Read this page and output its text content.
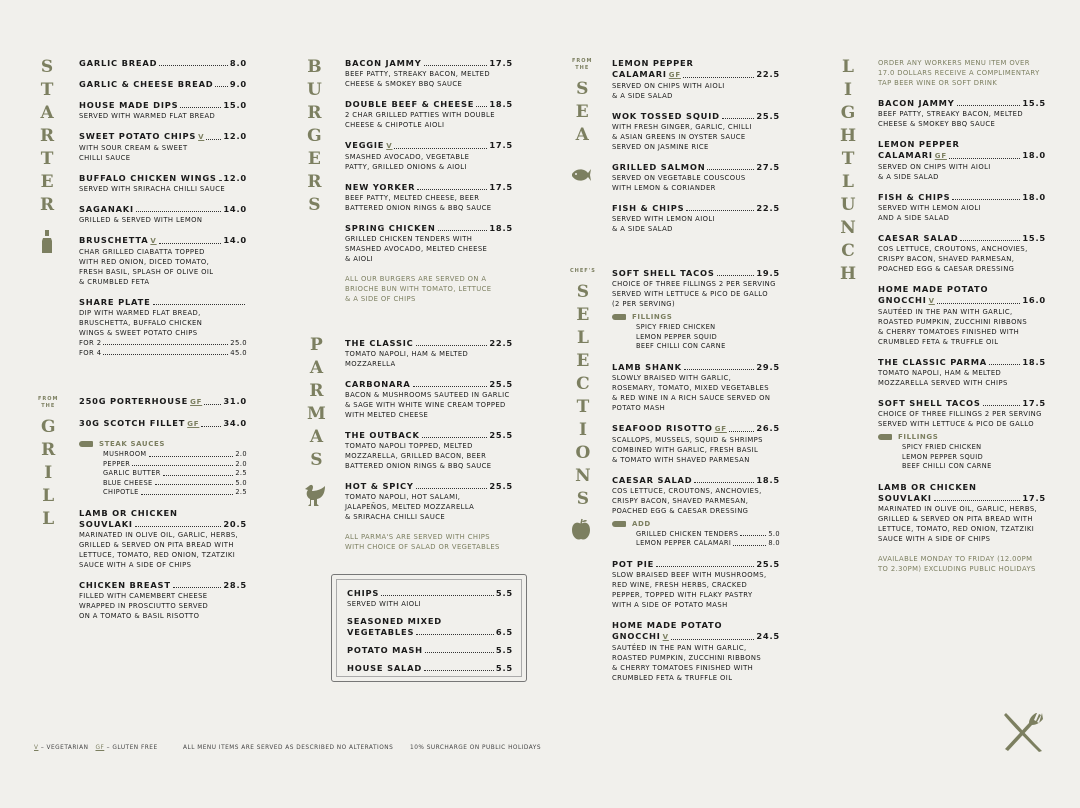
S
T
A
R
T
E
R
FROM
THE
G
R
I
L
L
B
U
R
G
E
R
S
P
A
R
M
A
S
FROM
THE
S
E
A
CHEF'S
S
E
L
E
C
T
I
O
N
S
L
I
G
H
T
L
U
N
C
H
GARLIC BREAD	8.0
GARLIC & CHEESE BREAD 9.0
HOUSE MADE DIPS	15.0
SERVED WITH WARMED FLAT BREAD
SWEET POTATO CHIPS V 12.0
WITH SOUR CREAM & SWEET
CHILLI SAUCE
BUFFALO CHICKEN WINGS 12.0
SERVED WITH SRIRACHA CHILLI SAUCE
SAGANAKI	14.0
GRILLED & SERVED WITH LEMON
BRUSCHETTA V	14.0
CHAR GRILLED CIABATTA TOPPED
WITH RED ONION, DICED TOMATO,
FRESH BASIL, SPLASH OF OLIVE OIL
& CRUMBLED FETA
SHARE PLATE
DIP WITH WARMED FLAT BREAD,
BRUSCHETTA, BUFFALO CHICKEN
WINGS & SWEET POTATO CHIPS
FOR 2	25.0
FOR 4	45.0
250G PORTERHOUSE GF	31.0
30G SCOTCH FILLET GF	34.0
STEAK SAUCES
MUSHROOM	2.0
PEPPER	2.0
GARLIC BUTTER	2.5
BLUE CHEESE	5.0
CHIPOTLE	2.5
LAMB OR CHICKEN
SOUVLAKI	20.5
MARINATED IN OLIVE OIL, GARLIC, HERBS,
GRILLED & SERVED ON PITA BREAD WITH
LETTUCE, TOMATO, RED ONION, TZATZIKI
SAUCE WITH A SIDE OF CHIPS
CHICKEN BREAST	28.5
FILLED WITH CAMEMBERT CHEESE
WRAPPED IN PROSCIUTTO SERVED
ON A TOMATO & BASIL RISOTTO
BACON JAMMY	17.5
BEEF PATTY, STREAKY BACON, MELTED
CHEESE & SMOKEY BBQ SAUCE
DOUBLE BEEF & CHEESE 18.5
2 CHAR GRILLED PATTIES WITH DOUBLE
CHEESE & CHIPOTLE AIOLI
VEGGIE V	17.5
SMASHED AVOCADO, VEGETABLE
PATTY, GRILLED ONIONS & AIOLI
NEW YORKER	17.5
BEEF PATTY, MELTED CHEESE, BEER
BATTERED ONION RINGS & BBQ SAUCE
SPRING CHICKEN	18.5
GRILLED CHICKEN TENDERS WITH
SMASHED AVOCADO, MELTED CHEESE
& AIOLI
ALL OUR BURGERS ARE SERVED ON A
BRIOCHE BUN WITH TOMATO, LETTUCE
& A SIDE OF CHIPS
THE CLASSIC	22.5
TOMATO NAPOLI, HAM & MELTED
MOZZARELLA
CARBONARA	25.5
BACON & MUSHROOMS SAUTEED IN GARLIC
& SAGE WITH WHITE WINE CREAM TOPPED
WITH MELTED CHEESE
THE OUTBACK	25.5
TOMATO NAPOLI TOPPED, MELTED
MOZZARELLA, GRILLED BACON, BEER
BATTERED ONION RINGS & BBQ SAUCE
HOT & SPICY	25.5
TOMATO NAPOLI, HOT SALAMI,
JALAPEÑOS, MELTED MOZZARELLA
& SRIRACHA CHILLI SAUCE
ALL PARMA'S ARE SERVED WITH CHIPS
WITH CHOICE OF SALAD OR VEGETABLES
CHIPS	5.5
SERVED WITH AIOLI
SEASONED MIXED
VEGETABLES	6.5
POTATO MASH	5.5
HOUSE SALAD	5.5
LEMON PEPPER
CALAMARI GF	22.5
SERVED ON CHIPS WITH AIOLI
& A SIDE SALAD
WOK TOSSED SQUID	25.5
WITH FRESH GINGER, GARLIC, CHILLI
& ASIAN GREENS IN OYSTER SAUCE
SERVED ON JASMINE RICE
GRILLED SALMON	27.5
SERVED ON VEGETABLE COUSCOUS
WITH LEMON & CORIANDER
FISH & CHIPS	22.5
SERVED WITH LEMON AIOLI
& A SIDE SALAD
SOFT SHELL TACOS	19.5
CHOICE OF THREE FILLINGS 2 PER SERVING
SERVED WITH LETTUCE & PICO DE GALLO
(2 PER SERVING)
FILLINGS
SPICY FRIED CHICKEN
LEMON PEPPER SQUID
BEEF CHILLI CON CARNE
LAMB SHANK	29.5
SLOWLY BRAISED WITH GARLIC,
ROSEMARY, TOMATO, MIXED VEGETABLES
& RED WINE IN A RICH SAUCE SERVED ON
POTATO MASH
SEAFOOD RISOTTO GF	26.5
SCALLOPS, MUSSELS, SQUID & SHRIMPS
COMBINED WITH GARLIC, FRESH BASIL
& TOMATO WITH SHAVED PARMESAN
CAESAR SALAD	18.5
COS LETTUCE, CROUTONS, ANCHOVIES,
CRISPY BACON, SHAVED PARMESAN,
POACHED EGG & CAESAR DRESSING
ADD
GRILLED CHICKEN TENDERS	5.0
LEMON PEPPER CALAMARI	8.0
POT PIE	25.5
SLOW BRAISED BEEF WITH MUSHROOMS,
RED WINE, FRESH HERBS, CRACKED
PEPPER, TOPPED WITH FLAKY PASTRY
WITH A SIDE OF POTATO MASH
HOME MADE POTATO
GNOCCHI V	24.5
SAUTÉED IN THE PAN WITH GARLIC,
ROASTED PUMPKIN, ZUCCHINI RIBBONS
& CHERRY TOMATOES FINISHED WITH
CRUMBLED FETA & TRUFFLE OIL
ORDER ANY WORKERS MENU ITEM OVER
17.0 DOLLARS RECEIVE A COMPLIMENTARY
TAP BEER WINE OR SOFT DRINK
BACON JAMMY	15.5
BEEF PATTY, STREAKY BACON, MELTED
CHEESE & SMOKEY BBQ SAUCE
LEMON PEPPER
CALAMARI GF	18.0
SERVED ON CHIPS WITH AIOLI
& A SIDE SALAD
FISH & CHIPS	18.0
SERVED WITH LEMON AIOLI
AND A SIDE SALAD
CAESAR SALAD	15.5
COS LETTUCE, CROUTONS, ANCHOVIES,
CRISPY BACON, SHAVED PARMESAN,
POACHED EGG & CAESAR DRESSING
HOME MADE POTATO
GNOCCHI V	16.0
SAUTÉED IN THE PAN WITH GARLIC,
ROASTED PUMPKIN, ZUCCHINI RIBBONS
& CHERRY TOMATOES FINISHED WITH
CRUMBLED FETA & TRUFFLE OIL
THE CLASSIC PARMA	18.5
TOMATO NAPOLI, HAM & MELTED
MOZZARELLA SERVED WITH CHIPS
SOFT SHELL TACOS	17.5
CHOICE OF THREE FILLINGS 2 PER SERVING
SERVED WITH LETTUCE & PICO DE GALLO
FILLINGS
SPICY FRIED CHICKEN
LEMON PEPPER SQUID
BEEF CHILLI CON CARNE
LAMB OR CHICKEN
SOUVLAKI	17.5
MARINATED IN OLIVE OIL, GARLIC, HERBS,
GRILLED & SERVED ON PITA BREAD WITH
LETTUCE, TOMATO, RED ONION, TZATZIKI
SAUCE WITH A SIDE OF CHIPS
AVAILABLE MONDAY TO FRIDAY (12.00PM
TO 2.30PM) EXCLUDING PUBLIC HOLIDAYS
V – VEGETARIAN GF – GLUTEN FREE	ALL MENU ITEMS ARE SERVED AS DESCRIBED NO ALTERATIONS	10% SURCHARGE ON PUBLIC HOLIDAYS
